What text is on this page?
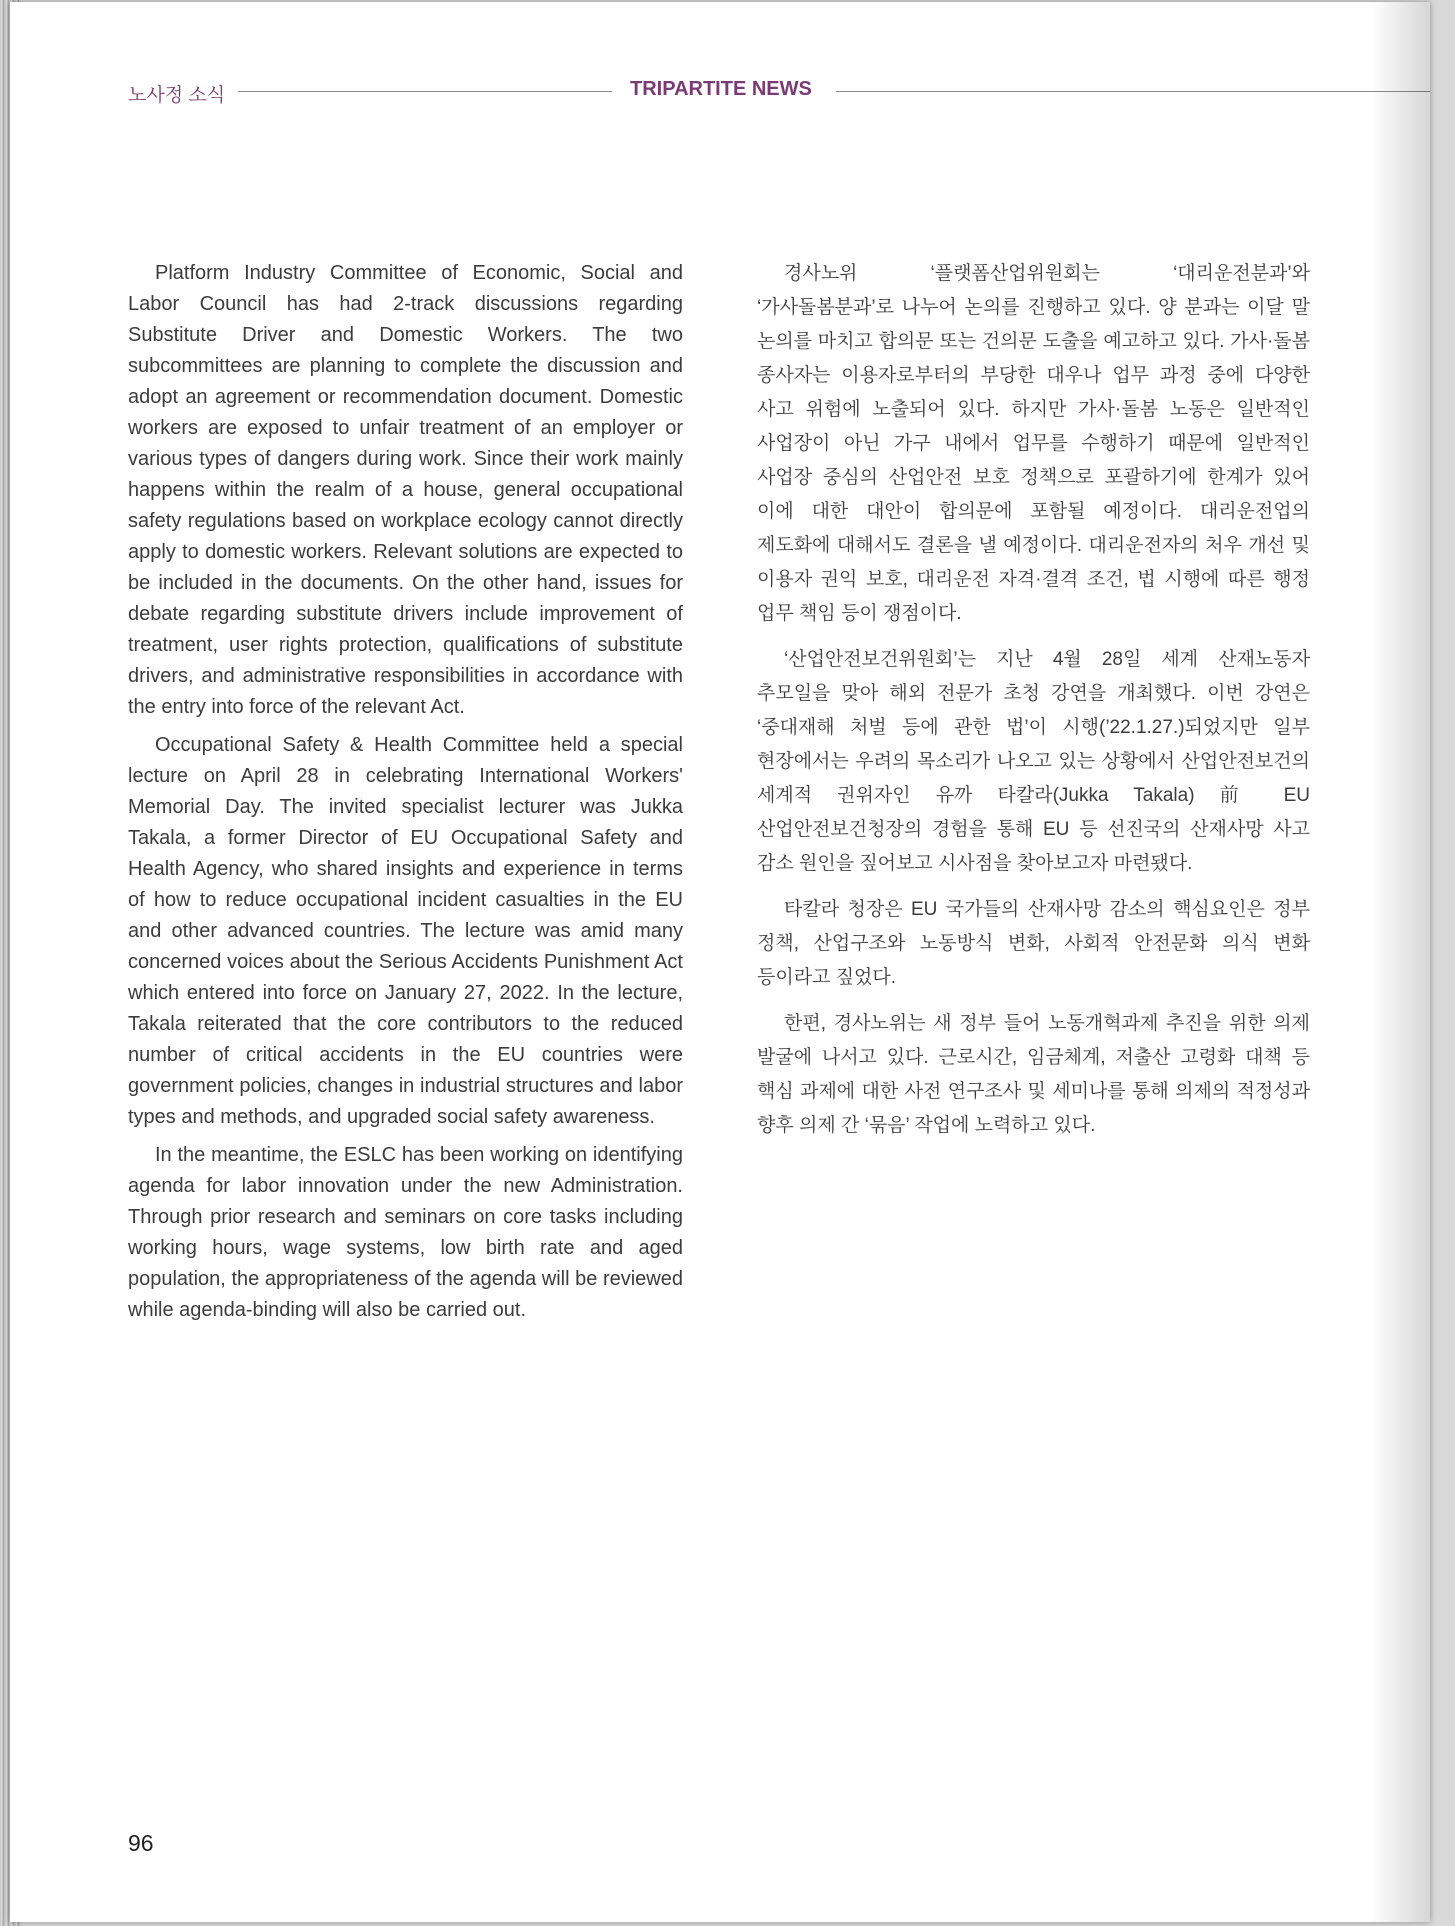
노사정 소식	TRIPARTITE NEWS

Platform Industry Committee of Economic, Social and Labor Council has had 2-track discussions regarding Substitute Driver and Domestic Workers. The two subcommittees are planning to complete the discussion and adopt an agreement or recommendation document. Domestic workers are exposed to unfair treatment of an employer or various types of dangers during work. Since their work mainly happens within the realm of a house, general occupational safety regulations based on workplace ecology cannot directly apply to domestic workers. Relevant solutions are expected to be included in the documents. On the other hand, issues for debate regarding substitute drivers include improvement of treatment, user rights protection, qualifications of substitute drivers, and administrative responsibilities in accordance with the entry into force of the relevant Act.

Occupational Safety & Health Committee held a special lecture on April 28 in celebrating International Workers' Memorial Day. The invited specialist lecturer was Jukka Takala, a former Director of EU Occupational Safety and Health Agency, who shared insights and experience in terms of how to reduce occupational incident casualties in the EU and other advanced countries. The lecture was amid many concerned voices about the Serious Accidents Punishment Act which entered into force on January 27, 2022. In the lecture, Takala reiterated that the core contributors to the reduced number of critical accidents in the EU countries were government policies, changes in industrial structures and labor types and methods, and upgraded social safety awareness.

In the meantime, the ESLC has been working on identifying agenda for labor innovation under the new Administration. Through prior research and seminars on core tasks including working hours, wage systems, low birth rate and aged population, the appropriateness of the agenda will be reviewed while agenda-binding will also be carried out.

경사노위 ‘플랫폼산업위원회는 ‘대리운전분과’와 ‘가사돌봄분과’로 나누어 논의를 진행하고 있다. 양 분과는 이달 말 논의를 마치고 합의문 또는 건의문 도출을 예고하고 있다. 가사·돌봄 종사자는 이용자로부터의 부당한 대우나 업무 과정 중에 다양한 사고 위험에 노출되어 있다. 하지만 가사·돌봄 노동은 일반적인 사업장이 아닌 가구 내에서 업무를 수행하기 때문에 일반적인 사업장 중심의 산업안전 보호 정책으로 포괄하기에 한계가 있어 이에 대한 대안이 합의문에 포함될 예정이다. 대리운전업의 제도화에 대해서도 결론을 낼 예정이다. 대리운전자의 처우 개선 및 이용자 권익 보호, 대리운전 자격·결격 조건, 법 시행에 따른 행정 업무 책임 등이 쟁점이다.

‘산업안전보건위원회’는 지난 4월 28일 세계 산재노동자 추모일을 맞아 해외 전문가 초청 강연을 개최했다. 이번 강연은 ‘중대재해 처벌 등에 관한 법’이 시행(’22.1.27.)되었지만 일부 현장에서는 우려의 목소리가 나오고 있는 상황에서 산업안전보건의 세계적 권위자인 유까 타칼라(Jukka Takala) 前 EU 산업안전보건청장의 경험을 통해 EU 등 선진국의 산재사망 사고 감소 원인을 짚어보고 시사점을 찾아보고자 마련됐다.

타칼라 청장은 EU 국가들의 산재사망 감소의 핵심요인은 정부 정책, 산업구조와 노동방식 변화, 사회적 안전문화 의식 변화 등이라고 짚었다.

한편, 경사노위는 새 정부 들어 노동개혁과제 추진을 위한 의제 발굴에 나서고 있다. 근로시간, 임금체계, 저출산 고령화 대책 등 핵심 과제에 대한 사전 연구조사 및 세미나를 통해 의제의 적정성과 향후 의제 간 ‘묶음’ 작업에 노력하고 있다.

96
